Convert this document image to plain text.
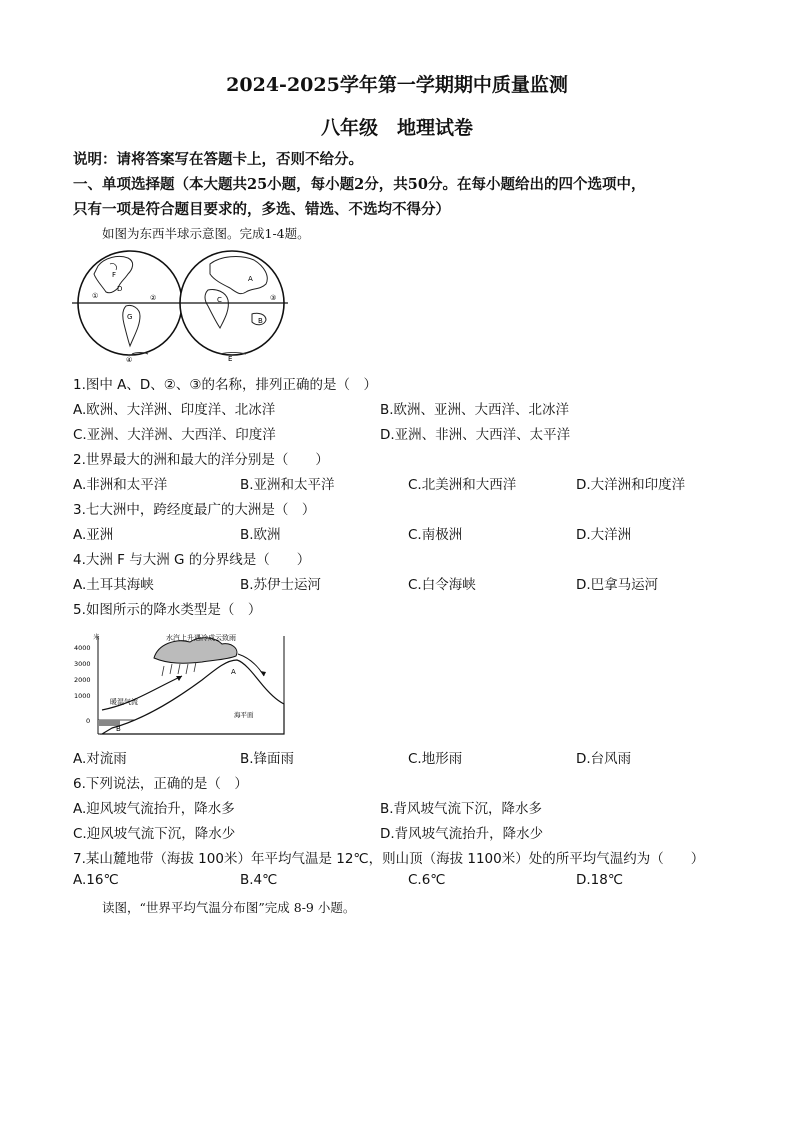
2024-2025学年第一学期期中质量监测
八年级　地理试卷
说明：请将答案写在答题卡上，否则不给分。
一、单项选择题（本大题共25小题，每小题2分，共50分。在每小题给出的四个选项中，
只有一项是符合题目要求的，多选、错选、不选均不得分）
如图为东西半球示意图。完成1-4题。
F
D
G
A
C
B
E
①	②	③
④
1.图中 A、D、②、③的名称，排列正确的是（　）
A.欧洲、大洋洲、印度洋、北冰洋	B.欧洲、亚洲、大西洋、北冰洋
C.亚洲、大洋洲、大西洋、印度洋	D.亚洲、非洲、大西洋、太平洋
2.世界最大的洲和最大的洋分别是（　　）
A.非洲和太平洋	B.亚洲和太平洋	C.北美洲和大西洋	D.大洋洲和印度洋
3.七大洲中，跨经度最广的大洲是（　）
A.亚洲	B.欧洲	C.南极洲	D.大洋洲
4.大洲 F 与大洲 G 的分界线是（　　）
A.土耳其海峡	B.苏伊士运河	C.白令海峡	D.巴拿马运河
5.如图所示的降水类型是（　）
米
4000
3000
2000
1000
0
水汽上升遇冷成云致雨
暖湿气流
海平面
A
B
A.对流雨	B.锋面雨	C.地形雨	D.台风雨
6.下列说法，正确的是（　）
A.迎风坡气流抬升，降水多	B.背风坡气流下沉，降水多
C.迎风坡气流下沉，降水少	D.背风坡气流抬升，降水少
7.某山麓地带（海拔 100米）年平均气温是 12℃，则山顶（海拔 1100米）处的所平均气温约为（　　）
A.16℃	B.4℃	C.6℃	D.18℃
读图，“世界平均气温分布图”完成 8-9 小题。
